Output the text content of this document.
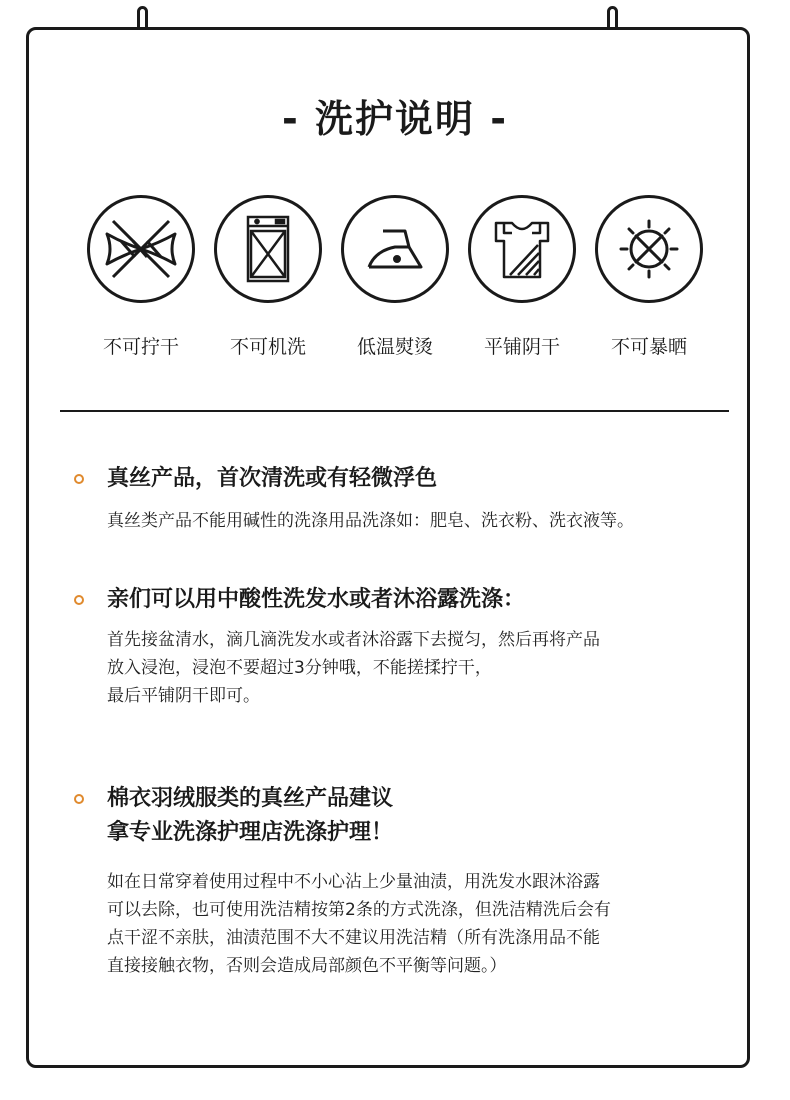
- 洗护说明 -
不可拧干	不可机洗	低温熨烫	平铺阴干	不可暴晒
真丝产品，首次清洗或有轻微浮色
真丝类产品不能用碱性的洗涤用品洗涤如：肥皂、洗衣粉、洗衣液等。
亲们可以用中酸性洗发水或者沐浴露洗涤：
首先接盆清水，滴几滴洗发水或者沐浴露下去搅匀，然后再将产品
放入浸泡，浸泡不要超过3分钟哦，不能搓揉拧干，
最后平铺阴干即可。
棉衣羽绒服类的真丝产品建议
拿专业洗涤护理店洗涤护理！
如在日常穿着使用过程中不小心沾上少量油渍，用洗发水跟沐浴露
可以去除，也可使用洗洁精按第2条的方式洗涤，但洗洁精洗后会有
点干涩不亲肤，油渍范围不大不建议用洗洁精（所有洗涤用品不能
直接接触衣物，否则会造成局部颜色不平衡等问题。）
